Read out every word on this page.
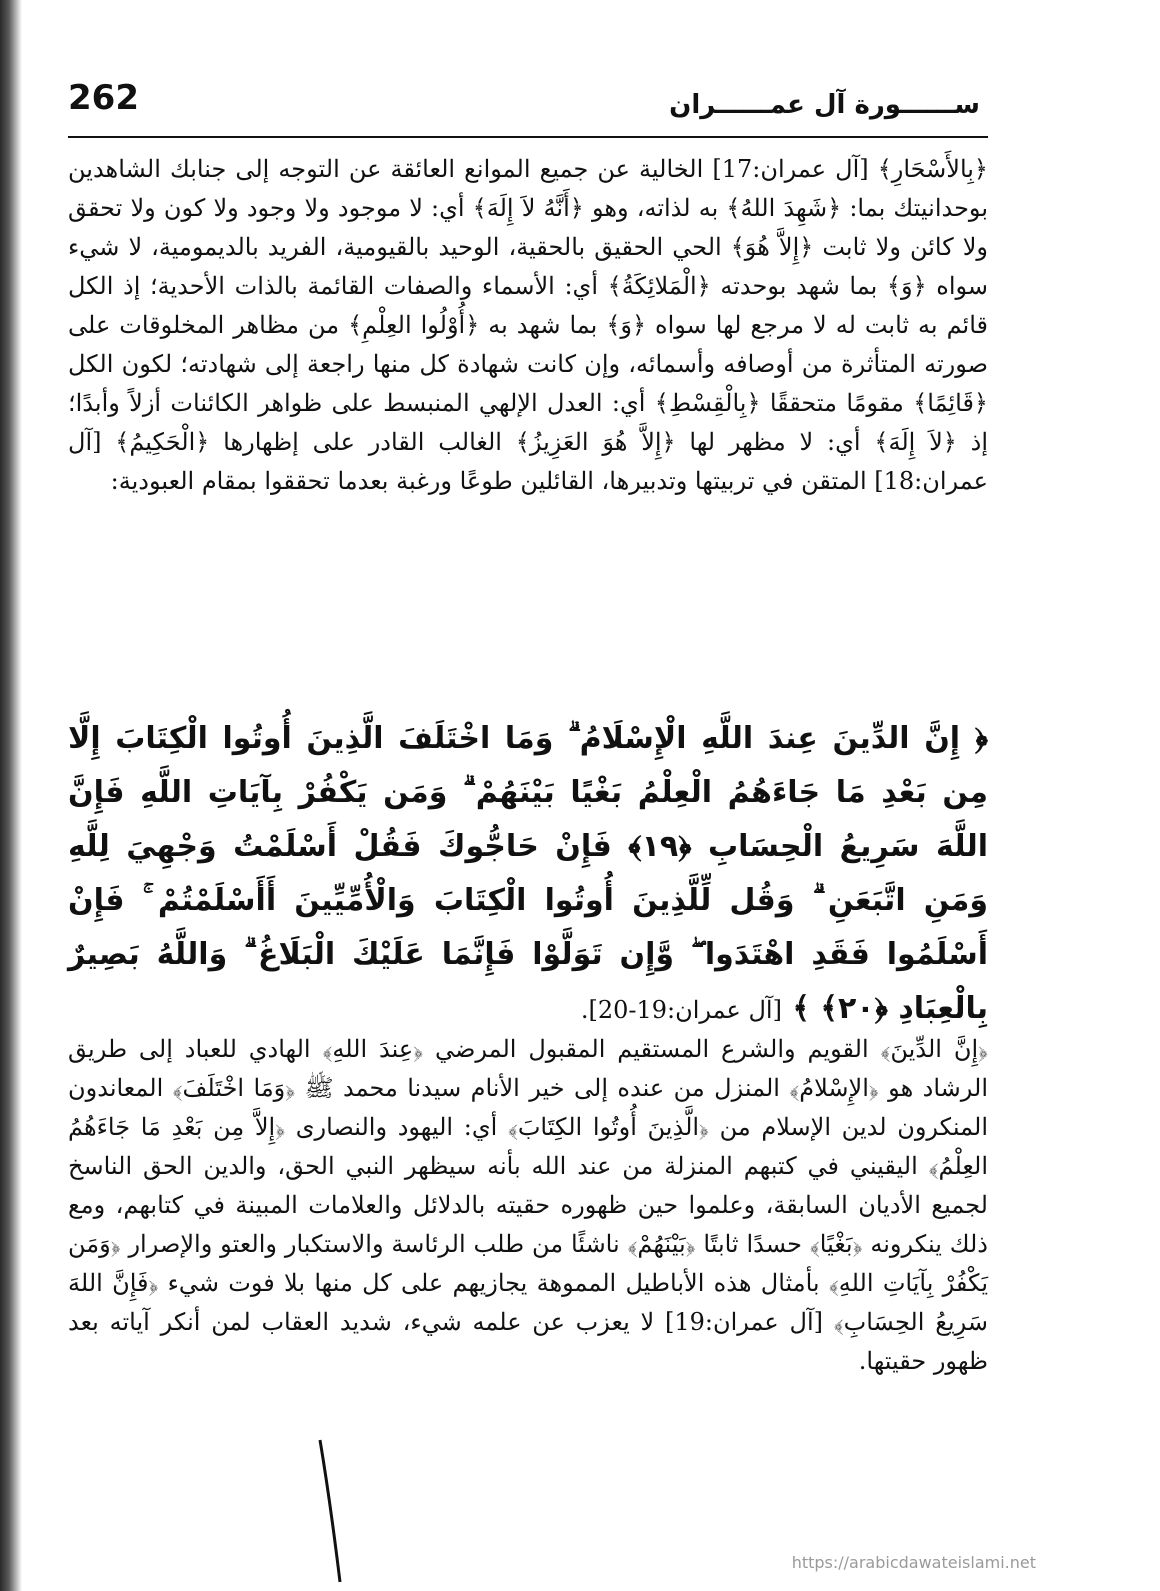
262	ســــــورة آل عمــــــران

﴿بِالأَسْحَارِ﴾ [آل عمران:17] الخالية عن جميع الموانع العائقة عن التوجه إلى جنابك الشاهدين بوحدانيتك بما: ﴿شَهِدَ اللهُ﴾ به لذاته، وهو ﴿أَنَّهُ لاَ إِلَهَ﴾ أي: لا موجود ولا وجود ولا كون ولا تحقق ولا كائن ولا ثابت ﴿إِلاَّ هُوَ﴾ الحي الحقيق بالحقية، الوحيد بالقيومية، الفريد بالديمومية، لا شيء سواه ﴿وَ﴾ بما شهد بوحدته ﴿الْمَلائِكَةُ﴾ أي: الأسماء والصفات القائمة بالذات الأحدية؛ إذ الكل قائم به ثابت له لا مرجع لها سواه ﴿وَ﴾ بما شهد به ﴿أُوْلُوا العِلْمِ﴾ من مظاهر المخلوقات على صورته المتأثرة من أوصافه وأسمائه، وإن كانت شهادة كل منها راجعة إلى شهادته؛ لكون الكل ﴿قَائِمًا﴾ مقومًا متحققًا ﴿بِالْقِسْطِ﴾ أي: العدل الإلهي المنبسط على ظواهر الكائنات أزلاً وأبدًا؛ إذ ﴿لاَ إِلَهَ﴾ أي: لا مظهر لها ﴿إِلاَّ هُوَ العَزِيزُ﴾ الغالب القادر على إظهارها ﴿الْحَكِيمُ﴾ [آل عمران:18] المتقن في تربيتها وتدبيرها، القائلين طوعًا ورغبة بعدما تحققوا بمقام العبودية:

﴿ إِنَّ الدِّينَ عِندَ اللَّهِ الْإِسْلَامُ ۗ وَمَا اخْتَلَفَ الَّذِينَ أُوتُوا الْكِتَابَ إِلَّا مِن بَعْدِ مَا جَاءَهُمُ الْعِلْمُ بَغْيًا بَيْنَهُمْ ۗ وَمَن يَكْفُرْ بِآيَاتِ اللَّهِ فَإِنَّ اللَّهَ سَرِيعُ الْحِسَابِ ﴿١٩﴾ فَإِنْ حَاجُّوكَ فَقُلْ أَسْلَمْتُ وَجْهِيَ لِلَّهِ وَمَنِ اتَّبَعَنِ ۗ وَقُل لِّلَّذِينَ أُوتُوا الْكِتَابَ وَالْأُمِّيِّينَ أَأَسْلَمْتُمْ ۚ فَإِنْ أَسْلَمُوا فَقَدِ اهْتَدَوا ۖ وَّإِن تَوَلَّوْا فَإِنَّمَا عَلَيْكَ الْبَلَاغُ ۗ وَاللَّهُ بَصِيرٌ بِالْعِبَادِ ﴿٢٠﴾ ﴾ [آل عمران:19-20].

﴿إِنَّ الدِّينَ﴾ القويم والشرع المستقيم المقبول المرضي ﴿عِندَ اللهِ﴾ الهادي للعباد إلى طريق الرشاد هو ﴿الإِسْلامُ﴾ المنزل من عنده إلى خير الأنام سيدنا محمد ﷺ ﴿وَمَا اخْتَلَفَ﴾ المعاندون المنكرون لدين الإسلام من ﴿الَّذِينَ أُوتُوا الكِتَابَ﴾ أي: اليهود والنصارى ﴿إِلاَّ مِن بَعْدِ مَا جَاءَهُمُ العِلْمُ﴾ اليقيني في كتبهم المنزلة من عند الله بأنه سيظهر النبي الحق، والدين الحق الناسخ لجميع الأديان السابقة، وعلموا حين ظهوره حقيته بالدلائل والعلامات المبينة في كتابهم، ومع ذلك ينكرونه ﴿بَغْيًا﴾ حسدًا ثابتًا ﴿بَيْنَهُمْ﴾ ناشئًا من طلب الرئاسة والاستكبار والعتو والإصرار ﴿وَمَن يَكْفُرْ بِآيَاتِ اللهِ﴾ بأمثال هذه الأباطيل المموهة يجازيهم على كل منها بلا فوت شيء ﴿فَإِنَّ اللهَ سَرِيعُ الحِسَابِ﴾ [آل عمران:19] لا يعزب عن علمه شيء، شديد العقاب لمن أنكر آياته بعد ظهور حقيتها.

https://arabicdawateislami.net
